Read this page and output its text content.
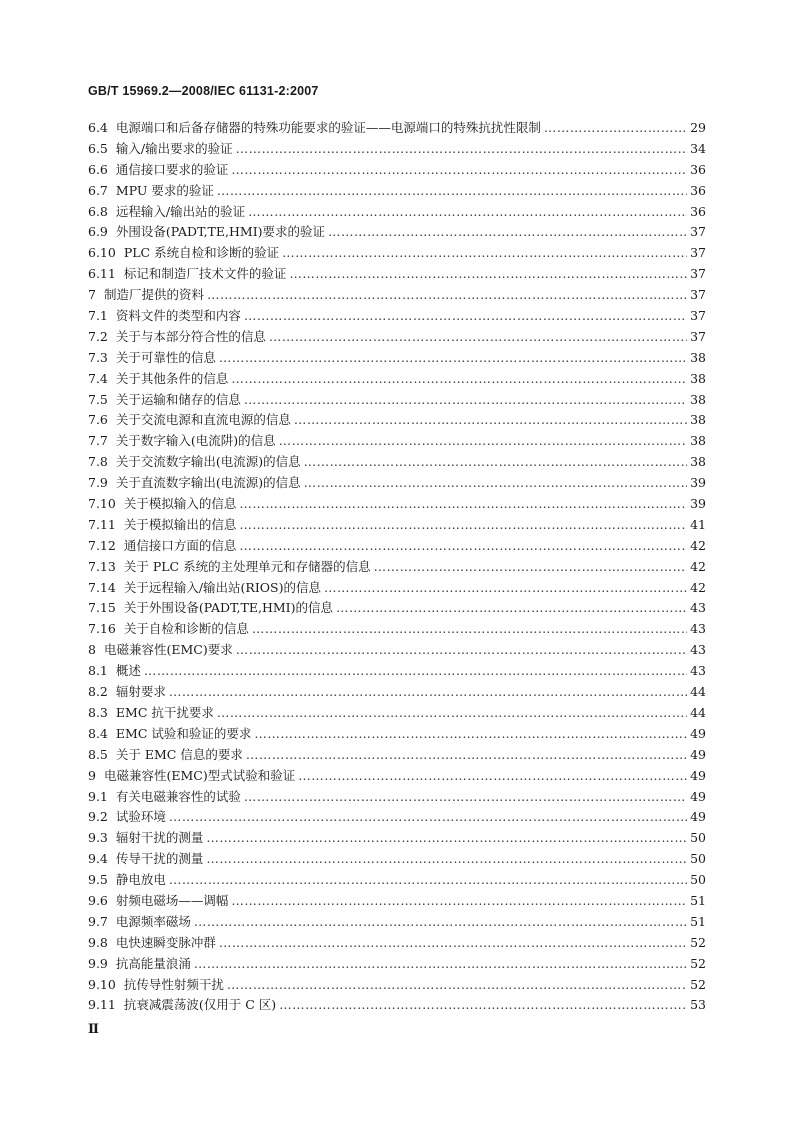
GB/T 15969.2—2008/IEC 61131-2:2007
6.4 电源端口和后备存储器的特殊功能要求的验证——电源端口的特殊抗扰性限制 …………………………………………………………………………………………………………………………………………………………	29
6.5 输入/输出要求的验证 …………………………………………………………………………………………………………………………………………………………	34
6.6 通信接口要求的验证 …………………………………………………………………………………………………………………………………………………………	36
6.7 MPU 要求的验证 …………………………………………………………………………………………………………………………………………………………	36
6.8 远程输入/输出站的验证 …………………………………………………………………………………………………………………………………………………………	36
6.9 外围设备(PADT,TE,HMI)要求的验证 …………………………………………………………………………………………………………………………………………………………	37
6.10 PLC 系统自检和诊断的验证 …………………………………………………………………………………………………………………………………………………………	37
6.11 标记和制造厂技术文件的验证 …………………………………………………………………………………………………………………………………………………………	37
7 制造厂提供的资料 …………………………………………………………………………………………………………………………………………………………	37
7.1 资料文件的类型和内容 …………………………………………………………………………………………………………………………………………………………	37
7.2 关于与本部分符合性的信息 …………………………………………………………………………………………………………………………………………………………	37
7.3 关于可靠性的信息 …………………………………………………………………………………………………………………………………………………………	38
7.4 关于其他条件的信息 …………………………………………………………………………………………………………………………………………………………	38
7.5 关于运输和储存的信息 …………………………………………………………………………………………………………………………………………………………	38
7.6 关于交流电源和直流电源的信息 …………………………………………………………………………………………………………………………………………………………	38
7.7 关于数字输入(电流阱)的信息 …………………………………………………………………………………………………………………………………………………………	38
7.8 关于交流数字输出(电流源)的信息 …………………………………………………………………………………………………………………………………………………………	38
7.9 关于直流数字输出(电流源)的信息 …………………………………………………………………………………………………………………………………………………………	39
7.10 关于模拟输入的信息 …………………………………………………………………………………………………………………………………………………………	39
7.11 关于模拟输出的信息 …………………………………………………………………………………………………………………………………………………………	41
7.12 通信接口方面的信息 …………………………………………………………………………………………………………………………………………………………	42
7.13 关于 PLC 系统的主处理单元和存储器的信息 …………………………………………………………………………………………………………………………………………………………	42
7.14 关于远程输入/输出站(RIOS)的信息 …………………………………………………………………………………………………………………………………………………………	42
7.15 关于外围设备(PADT,TE,HMI)的信息 …………………………………………………………………………………………………………………………………………………………	43
7.16 关于自检和诊断的信息 …………………………………………………………………………………………………………………………………………………………	43
8 电磁兼容性(EMC)要求 …………………………………………………………………………………………………………………………………………………………	43
8.1 概述 …………………………………………………………………………………………………………………………………………………………	43
8.2 辐射要求 …………………………………………………………………………………………………………………………………………………………	44
8.3 EMC 抗干扰要求 …………………………………………………………………………………………………………………………………………………………	44
8.4 EMC 试验和验证的要求 …………………………………………………………………………………………………………………………………………………………	49
8.5 关于 EMC 信息的要求 …………………………………………………………………………………………………………………………………………………………	49
9 电磁兼容性(EMC)型式试验和验证 …………………………………………………………………………………………………………………………………………………………	49
9.1 有关电磁兼容性的试验 …………………………………………………………………………………………………………………………………………………………	49
9.2 试验环境 …………………………………………………………………………………………………………………………………………………………	49
9.3 辐射干扰的测量 …………………………………………………………………………………………………………………………………………………………	50
9.4 传导干扰的测量 …………………………………………………………………………………………………………………………………………………………	50
9.5 静电放电 …………………………………………………………………………………………………………………………………………………………	50
9.6 射频电磁场——调幅 …………………………………………………………………………………………………………………………………………………………	51
9.7 电源频率磁场 …………………………………………………………………………………………………………………………………………………………	51
9.8 电快速瞬变脉冲群 …………………………………………………………………………………………………………………………………………………………	52
9.9 抗高能量浪涌 …………………………………………………………………………………………………………………………………………………………	52
9.10 抗传导性射频干扰 …………………………………………………………………………………………………………………………………………………………	52
9.11 抗衰减震荡波(仅用于 C 区) …………………………………………………………………………………………………………………………………………………………	53
Ⅱ
